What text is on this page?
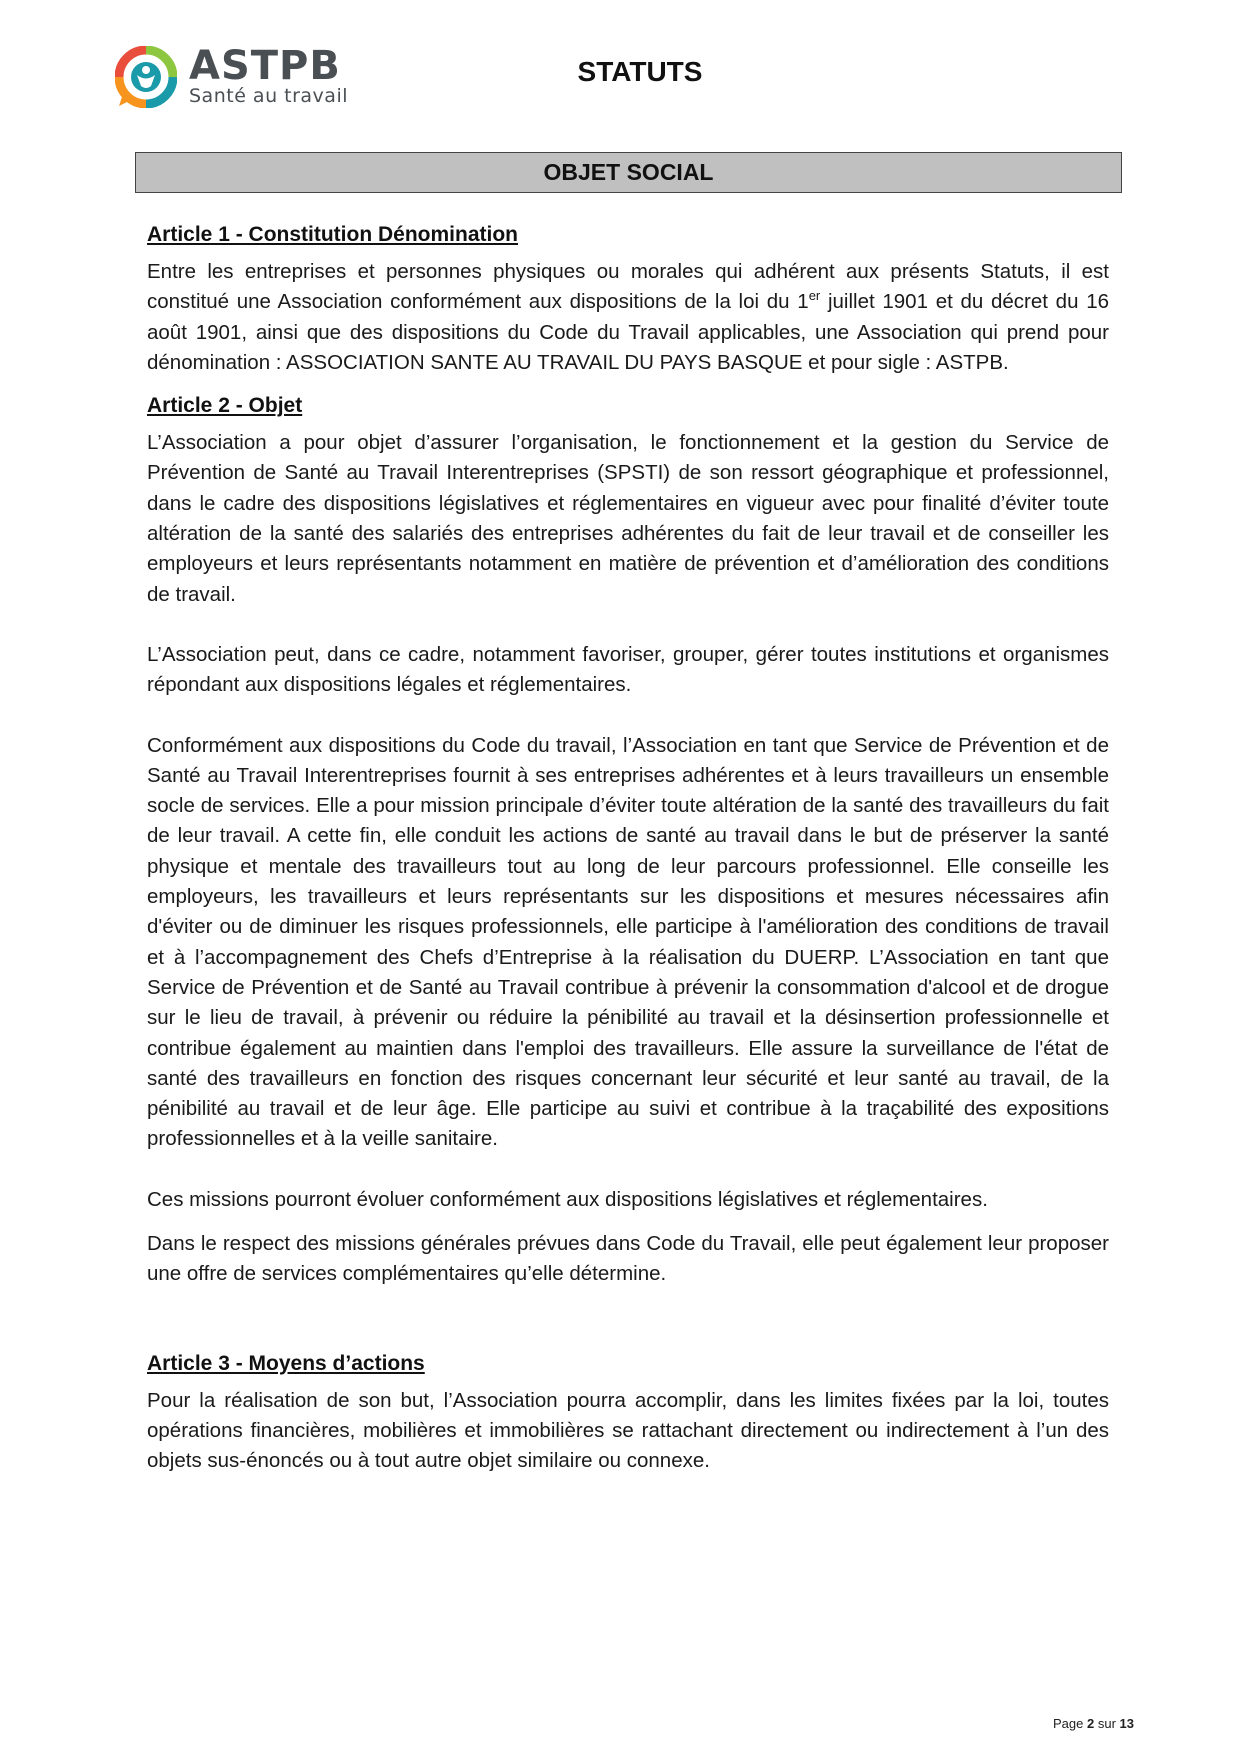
ASTPB
Santé au travail
STATUTS
OBJET SOCIAL
Article 1 - Constitution Dénomination

Entre les entreprises et personnes physiques ou morales qui adhérent aux présents Statuts, il est constitué une Association conformément aux dispositions de la loi du 1er juillet 1901 et du décret du 16 août 1901, ainsi que des dispositions du Code du Travail applicables, une Association qui prend pour dénomination : ASSOCIATION SANTE AU TRAVAIL DU PAYS BASQUE et pour sigle : ASTPB.

Article 2 - Objet

L’Association a pour objet d’assurer l’organisation, le fonctionnement et la gestion du Service de Prévention de Santé au Travail Interentreprises (SPSTI) de son ressort géographique et professionnel, dans le cadre des dispositions législatives et réglementaires en vigueur avec pour finalité d’éviter toute altération de la santé des salariés des entreprises adhérentes du fait de leur travail et de conseiller les employeurs et leurs représentants notamment en matière de prévention et d’amélioration des conditions de travail.

L’Association peut, dans ce cadre, notamment favoriser, grouper, gérer toutes institutions et organismes répondant aux dispositions légales et réglementaires.

Conformément aux dispositions du Code du travail, l’Association en tant que Service de Prévention et de Santé au Travail Interentreprises fournit à ses entreprises adhérentes et à leurs travailleurs un ensemble socle de services. Elle a pour mission principale d’éviter toute altération de la santé des travailleurs du fait de leur travail. A cette fin, elle conduit les actions de santé au travail dans le but de préserver la santé physique et mentale des travailleurs tout au long de leur parcours professionnel. Elle conseille les employeurs, les travailleurs et leurs représentants sur les dispositions et mesures nécessaires afin d'éviter ou de diminuer les risques professionnels, elle participe à l'amélioration des conditions de travail et à l’accompagnement des Chefs d’Entreprise à la réalisation du DUERP. L’Association en tant que Service de Prévention et de Santé au Travail contribue à prévenir la consommation d'alcool et de drogue sur le lieu de travail, à prévenir ou réduire la pénibilité au travail et la désinsertion professionnelle et contribue également au maintien dans l'emploi des travailleurs. Elle assure la surveillance de l'état de santé des travailleurs en fonction des risques concernant leur sécurité et leur santé au travail, de la pénibilité au travail et de leur âge. Elle participe au suivi et contribue à la traçabilité des expositions professionnelles et à la veille sanitaire.

Ces missions pourront évoluer conformément aux dispositions législatives et réglementaires.

Dans le respect des missions générales prévues dans Code du Travail, elle peut également leur proposer une offre de services complémentaires qu’elle détermine.

Article 3 - Moyens d’actions

Pour la réalisation de son but, l’Association pourra accomplir, dans les limites fixées par la loi, toutes opérations financières, mobilières et immobilières se rattachant directement ou indirectement à l’un des objets sus-énoncés ou à tout autre objet similaire ou connexe.

Page 2 sur 13
